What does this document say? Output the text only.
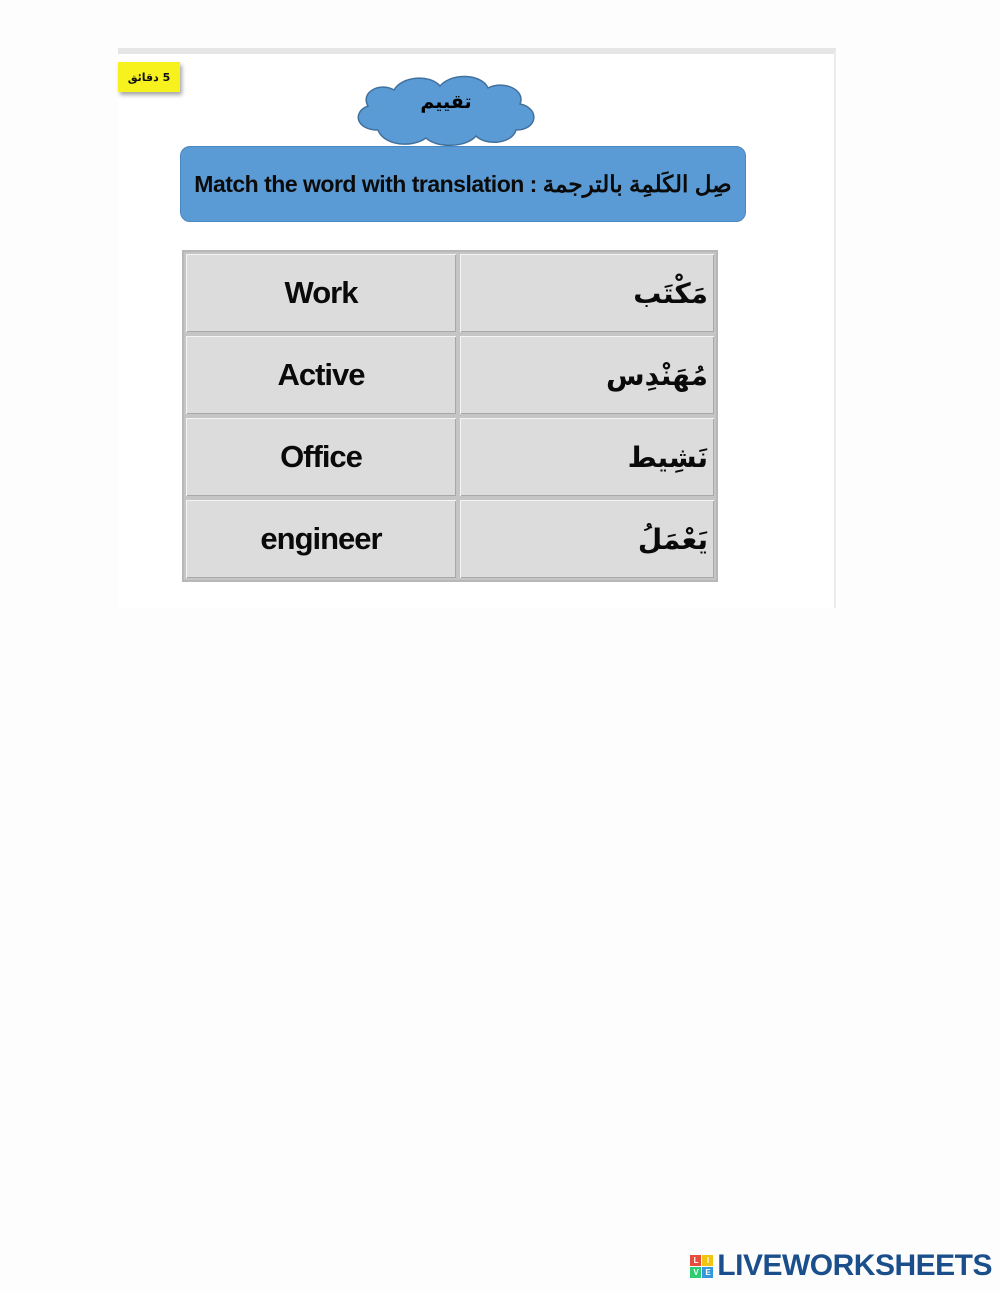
5 دقائق
تقييم
Match the word with translation : صِل الكَلمِة بالترجمة
Work	مَكْتَب
Active	مُهَنْدِس
Office	نَشِيط
engineer	يَعْمَلُ
L	I
V E LIVEWORKSHEETS
